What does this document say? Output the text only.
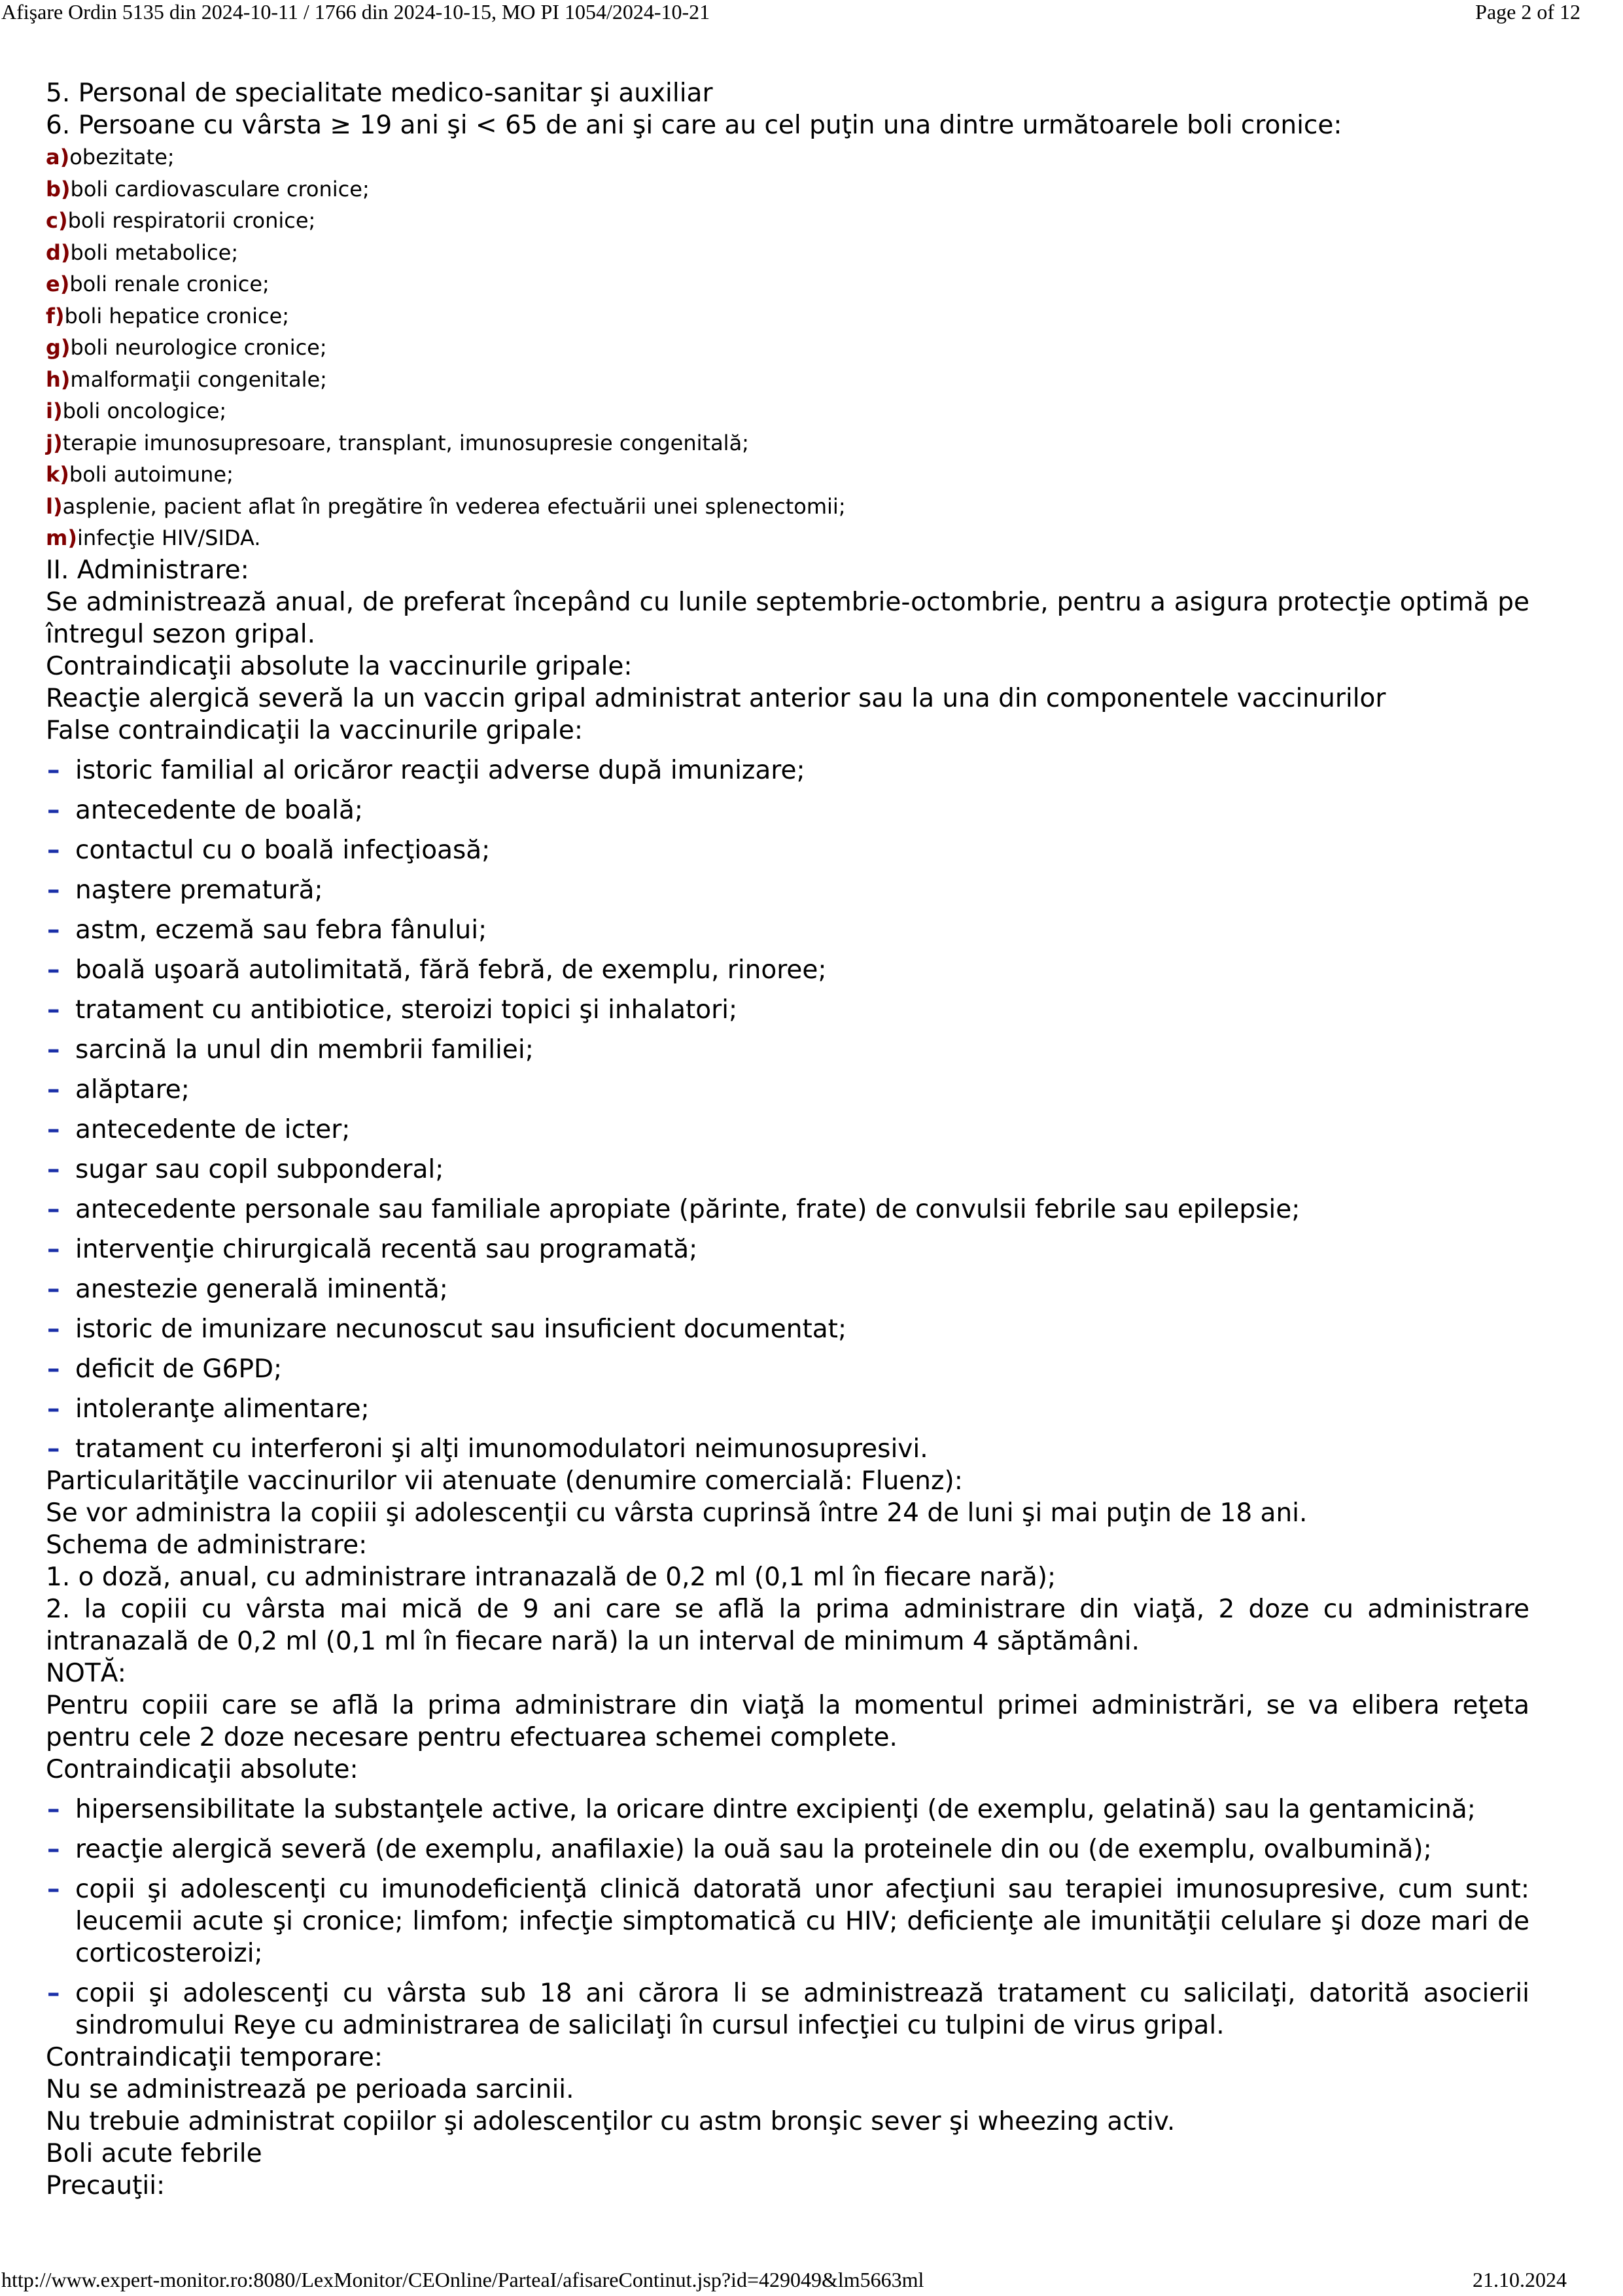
Afişare Ordin 5135 din 2024-10-11 / 1766 din 2024-10-15, MO PI 1054/2024-10-21	Page 2 of 12
5. Personal de specialitate medico-sanitar şi auxiliar
6. Persoane cu vârsta ≥ 19 ani şi < 65 de ani şi care au cel puţin una dintre următoarele boli cronice:
a)obezitate;
b)boli cardiovasculare cronice;
c)boli respiratorii cronice;
d)boli metabolice;
e)boli renale cronice;
f)boli hepatice cronice;
g)boli neurologice cronice;
h)malformaţii congenitale;
i)boli oncologice;
j)terapie imunosupresoare, transplant, imunosupresie congenitală;
k)boli autoimune;
l)asplenie, pacient aflat în pregătire în vederea efectuării unei splenectomii;
m)infecţie HIV/SIDA.
II. Administrare:
Se administrează anual, de preferat începând cu lunile septembrie-octombrie, pentru a asigura protecţie optimă pe întregul sezon gripal.
Contraindicaţii absolute la vaccinurile gripale:
Reacţie alergică severă la un vaccin gripal administrat anterior sau la una din componentele vaccinurilor
False contraindicaţii la vaccinurile gripale:
– istoric familial al oricăror reacţii adverse după imunizare;
– antecedente de boală;
– contactul cu o boală infecţioasă;
– naştere prematură;
– astm, eczemă sau febra fânului;
– boală uşoară autolimitată, fără febră, de exemplu, rinoree;
– tratament cu antibiotice, steroizi topici şi inhalatori;
– sarcină la unul din membrii familiei;
– alăptare;
– antecedente de icter;
– sugar sau copil subponderal;
– antecedente personale sau familiale apropiate (părinte, frate) de convulsii febrile sau epilepsie;
– intervenţie chirurgicală recentă sau programată;
– anestezie generală iminentă;
– istoric de imunizare necunoscut sau insuficient documentat;
– deficit de G6PD;
– intoleranţe alimentare;
– tratament cu interferoni şi alţi imunomodulatori neimunosupresivi.
Particularităţile vaccinurilor vii atenuate (denumire comercială: Fluenz):
Se vor administra la copiii şi adolescenţii cu vârsta cuprinsă între 24 de luni şi mai puţin de 18 ani.
Schema de administrare:
1. o doză, anual, cu administrare intranazală de 0,2 ml (0,1 ml în fiecare nară);
2. la copiii cu vârsta mai mică de 9 ani care se află la prima administrare din viaţă, 2 doze cu administrare intranazală de 0,2 ml (0,1 ml în fiecare nară) la un interval de minimum 4 săptămâni.
NOTĂ:
Pentru copiii care se află la prima administrare din viaţă la momentul primei administrări, se va elibera reţeta pentru cele 2 doze necesare pentru efectuarea schemei complete.
Contraindicaţii absolute:
– hipersensibilitate la substanţele active, la oricare dintre excipienţi (de exemplu, gelatină) sau la gentamicină;
– reacţie alergică severă (de exemplu, anafilaxie) la ouă sau la proteinele din ou (de exemplu, ovalbumină);
– copii şi adolescenţi cu imunodeficienţă clinică datorată unor afecţiuni sau terapiei imunosupresive, cum sunt: leucemii acute şi cronice; limfom; infecţie simptomatică cu HIV; deficienţe ale imunităţii celulare şi doze mari de corticosteroizi;
– copii şi adolescenţi cu vârsta sub 18 ani cărora li se administrează tratament cu salicilaţi, datorită asocierii sindromului Reye cu administrarea de salicilaţi în cursul infecţiei cu tulpini de virus gripal.
Contraindicaţii temporare:
Nu se administrează pe perioada sarcinii.
Nu trebuie administrat copiilor şi adolescenţilor cu astm bronşic sever şi wheezing activ.
Boli acute febrile
Precauţii:
http://www.expert-monitor.ro:8080/LexMonitor/CEOnline/ParteaI/afisareContinut.jsp?id=429049&lm5663ml	21.10.2024
